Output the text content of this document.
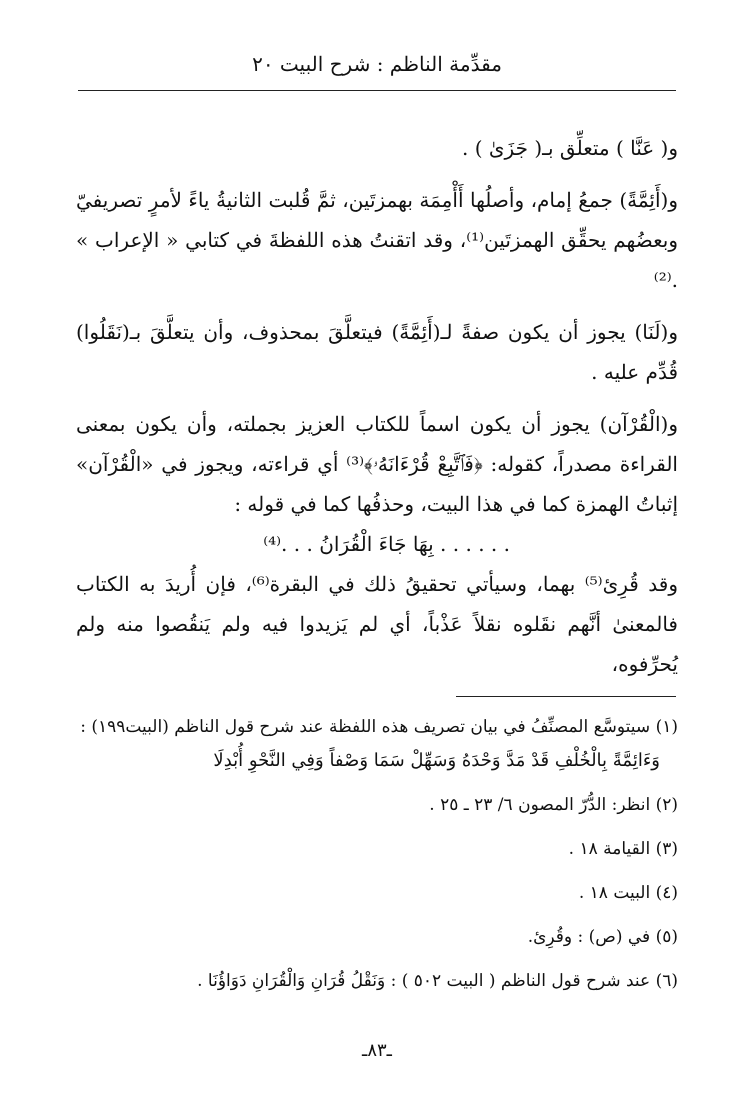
مقدِّمة الناظم : شرح البيت ٢٠

و( عَنَّا ) متعلِّق بـ( جَزَىٰ ) .

و(أَئِمَّةً) جمعُ إمام، وأصلُها أَأْمِمَة بهمزتَين، ثمَّ قُلبت الثانيةُ ياءً لأمرٍ تصريفيّ وبعضُهم يحقِّق الهمزتَين⁽¹⁾، وقد اتقنتُ هذه اللفظةَ في كتابي « الإعراب » .⁽²⁾

و(لَنَا) يجوز أن يكون صفةً لـ(أَئِمَّةً) فيتعلَّقَ بمحذوف، وأن يتعلَّقَ بـ(نَقَلُوا) قُدِّم عليه .

و(الْقُرْآن) يجوز أن يكون اسماً للكتاب العزيز بجملته، وأن يكون بمعنى القراءة مصدراً، كقوله: ﴿فَٱتَّبِعْ قُرْءَانَهُۥ﴾⁽³⁾ أي قراءته، ويجوز في «الْقُرْآن» إثباتُ الهمزة كما في هذا البيت، وحذفُها كما في قوله :

. . . . . . بِهَا جَاءَ الْقُرَانُ . . .⁽⁴⁾

وقد قُرِئ⁽⁵⁾ بهما، وسيأتي تحقيقُ ذلك في البقرة⁽⁶⁾، فإن أُريدَ به الكتاب فالمعنىٰ أنَّهم نقَلوه نقلاً عَذْباً، أي لم يَزيدوا فيه ولم يَنقُصوا منه ولم يُحرِّفوه،

(١) سيتوسَّع المصنِّفُ في بيان تصريف هذه اللفظة عند شرح قول الناظم (البيت١٩٩) :
وَءَائِمَّةً بِالْخُلْفِ قَدْ مَدَّ وَحْدَهُ وَسَهِّلْ سَمَا وَصْفاً وَفِي النَّحْوِ أُبْدِلَا
(٢) انظر: الدُّرّ المصون ٦/ ٢٣ ـ ٢٥ .
(٣) القيامة ١٨ .
(٤) البيت ١٨ .
(٥) في (ص) : وقُرِئ.
(٦) عند شرح قول الناظم ( البيت ٥٠٢ ) : وَنَقْلُ قُرَانِ وَالْقُرَانِ دَوَاؤُنَا .
ـ٨٣ـ
